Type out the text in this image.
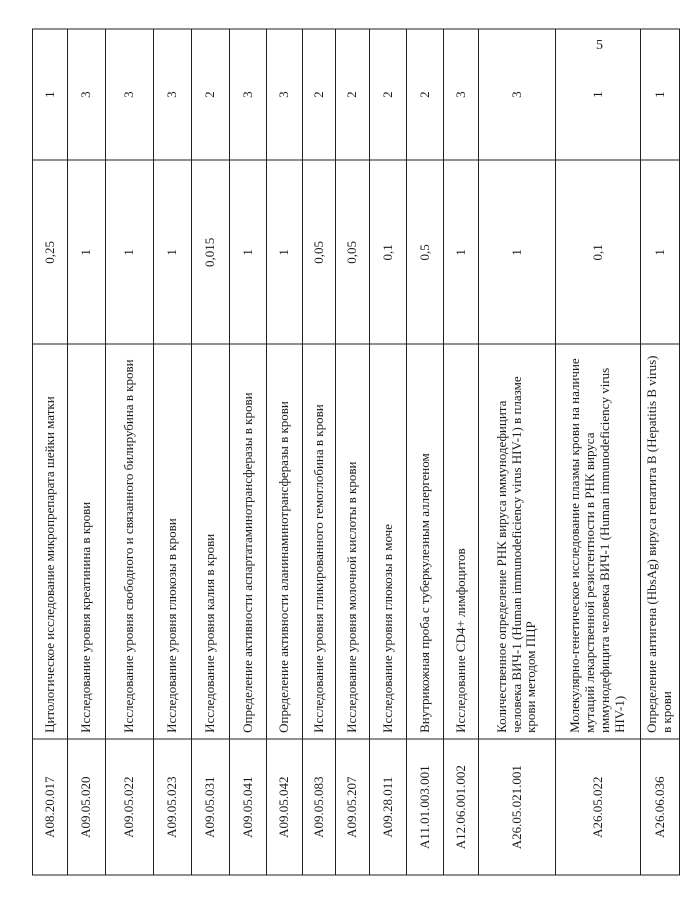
5
A08.20.017	Цитологическое исследование микропрепарата шейки матки	0,25	1
A09.05.020	Исследование уровня креатинина в крови	1	3
A09.05.022	Исследование уровня свободного и связанного билирубина в крови	1	3
A09.05.023	Исследование уровня глюкозы в крови	1	3
A09.05.031	Исследование уровня калия в крови	0,015	2
A09.05.041	Определение активности аспартатаминотрансферазы в крови	1	3
A09.05.042	Определение активности аланинаминотрансферазы в крови	1	3
A09.05.083	Исследование уровня гликированного гемоглобина в крови	0,05	2
A09.05.207	Исследование уровня молочной кислоты в крови	0,05	2
A09.28.011	Исследование уровня глюкозы в моче	0,1	2
A11.01.003.001	Внутрикожная проба с туберкулезным аллергеном	0,5	2
A12.06.001.002	Исследование CD4+ лимфоцитов	1	3
A26.05.021.001	Количественное определение РНК вируса иммунодефицита человека ВИЧ-1 (Human immunodeficiency virus HIV-1) в плазме крови методом ПЦР	1	3
A26.05.022	Молекулярно-генетическое исследование плазмы крови на наличие мутаций лекарственной резистентности в РНК вируса иммунодефицита человека ВИЧ-1 (Human immunodeficiency virus HIV-1)	0,1	1
A26.06.036	Определение антигена (HbsAg) вируса гепатита B (Hepatitis B virus) в крови	1	1
